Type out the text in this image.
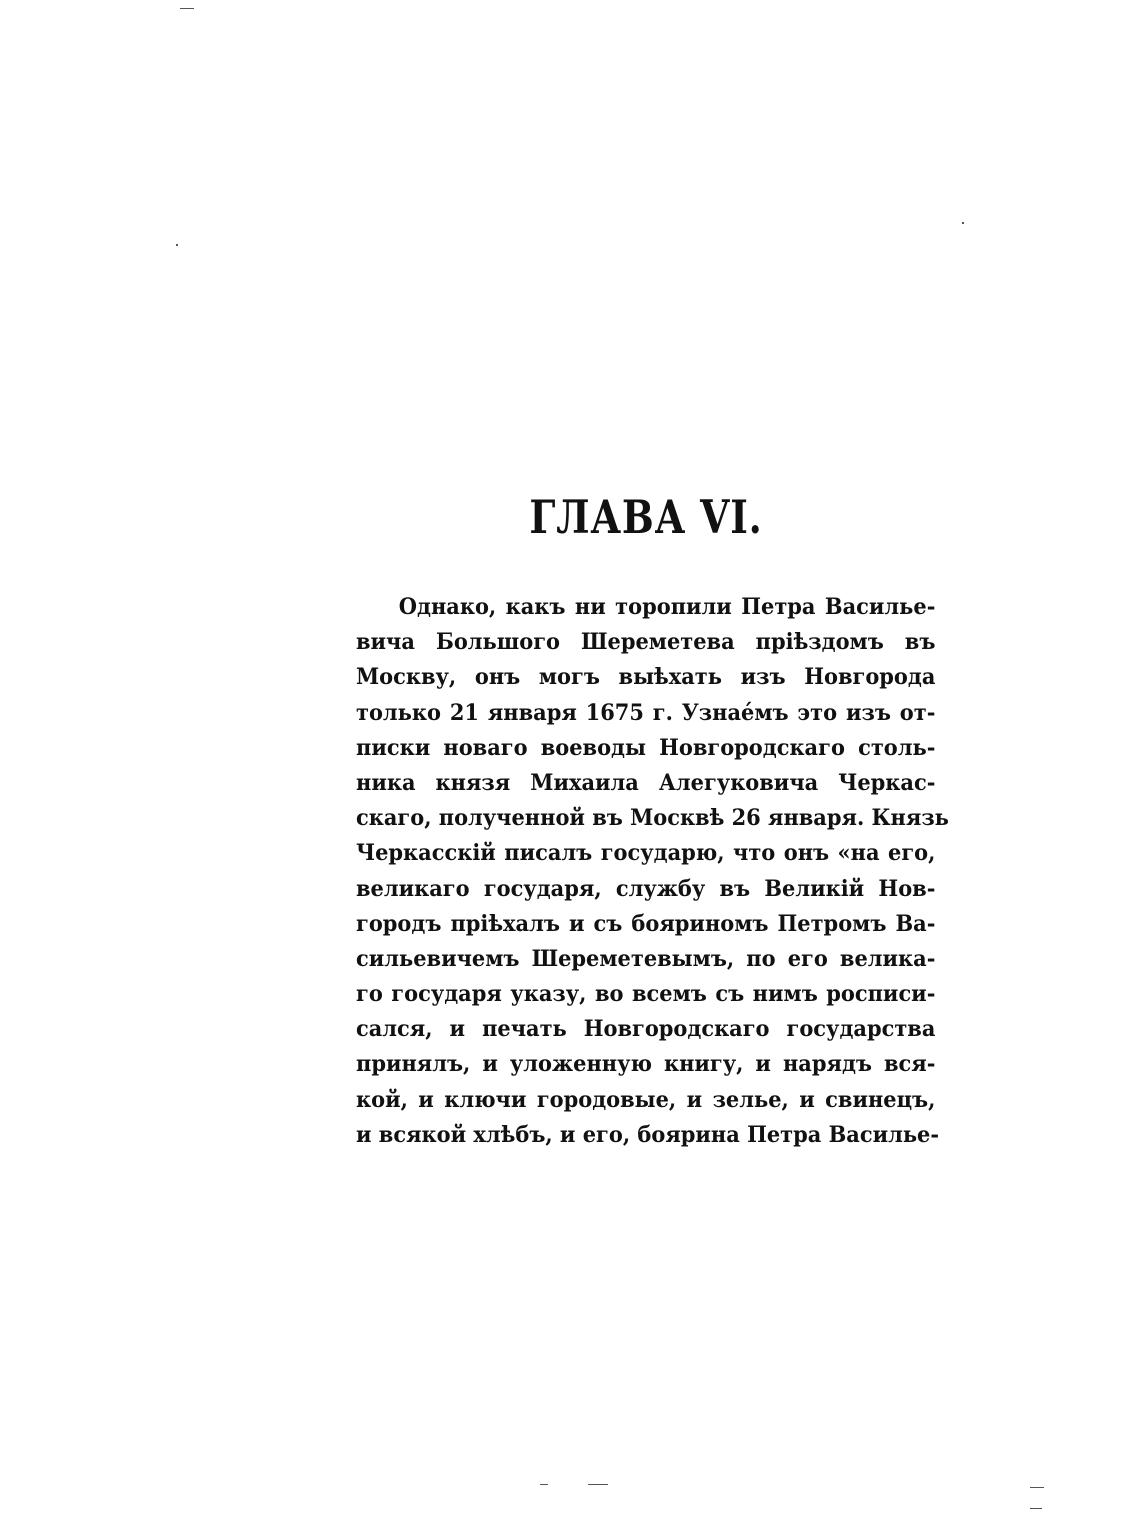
ГЛАВА VI.
Однако, какъ ни торопили Петра Василье-
вича Большого Шереметева пріѣздомъ въ
Москву, онъ могъ выѣхать изъ Новгорода
только 21 января 1675 г. Узнае́мъ это изъ от-
писки новаго воеводы Новгородскаго столь-
ника князя Михаила Алегуковича Черкас-
скаго, полученной въ Москвѣ 26 января. Князь
Черкасскій писалъ государю, что онъ «на его,
великаго государя, службу въ Великій Нов-
городъ пріѣхалъ и съ бояриномъ Петромъ Ва-
сильевичемъ Шереметевымъ, по его велика-
го государя указу, во всемъ съ нимъ росписи-
сался, и печать Новгородскаго государства
принялъ, и уложенную книгу, и нарядъ вся-
кой, и ключи городовые, и зелье, и свинецъ,
и всякой хлѣбъ, и его, боярина Петра Василье-
